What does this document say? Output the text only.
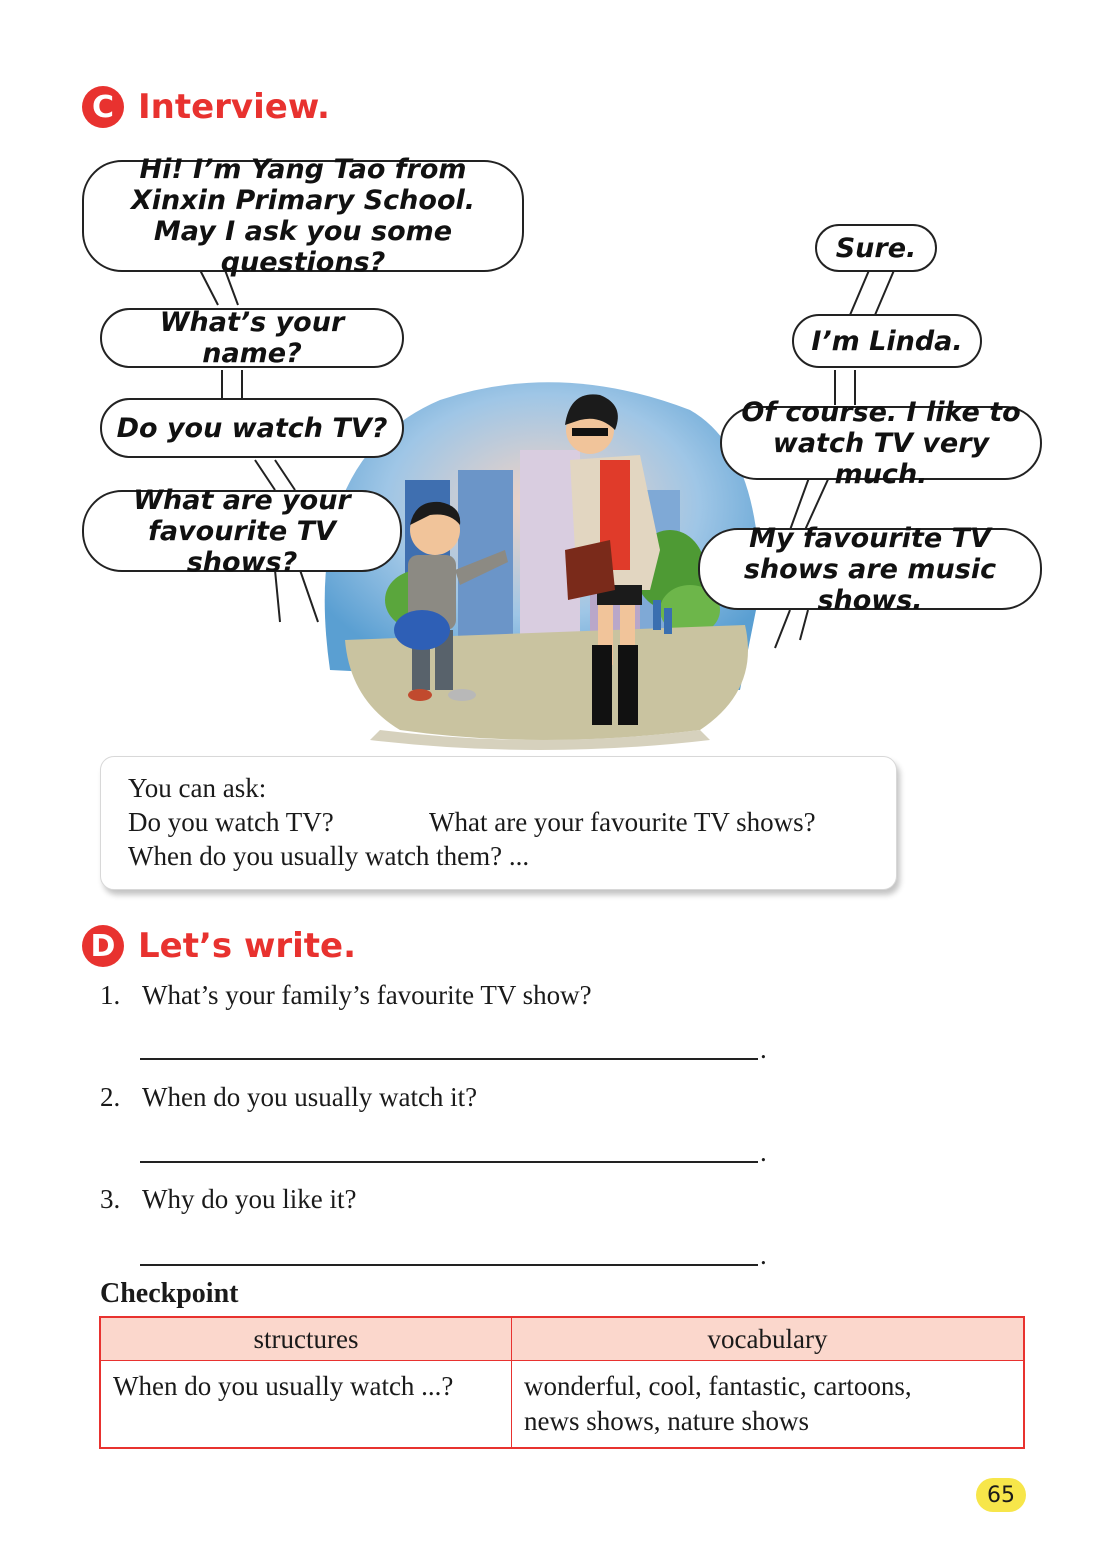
C Interview.
Hi! I’m Yang Tao from Xinxin Primary School. May I ask you some questions?
What’s your name?
Do you watch TV?
What are your favourite TV shows?
Sure.
I’m Linda.
Of course. I like to watch TV very much.
My favourite TV shows are music shows.
You can ask:
Do you watch TV?	What are your favourite TV shows?
When do you usually watch them? ...
D Let’s write.
1. What’s your family’s favourite TV show?
.
2. When do you usually watch it?
.
3. Why do you like it?
.
Checkpoint
structures	vocabulary
When do you usually watch ...?	wonderful, cool, fantastic, cartoons,
news shows, nature shows
65
